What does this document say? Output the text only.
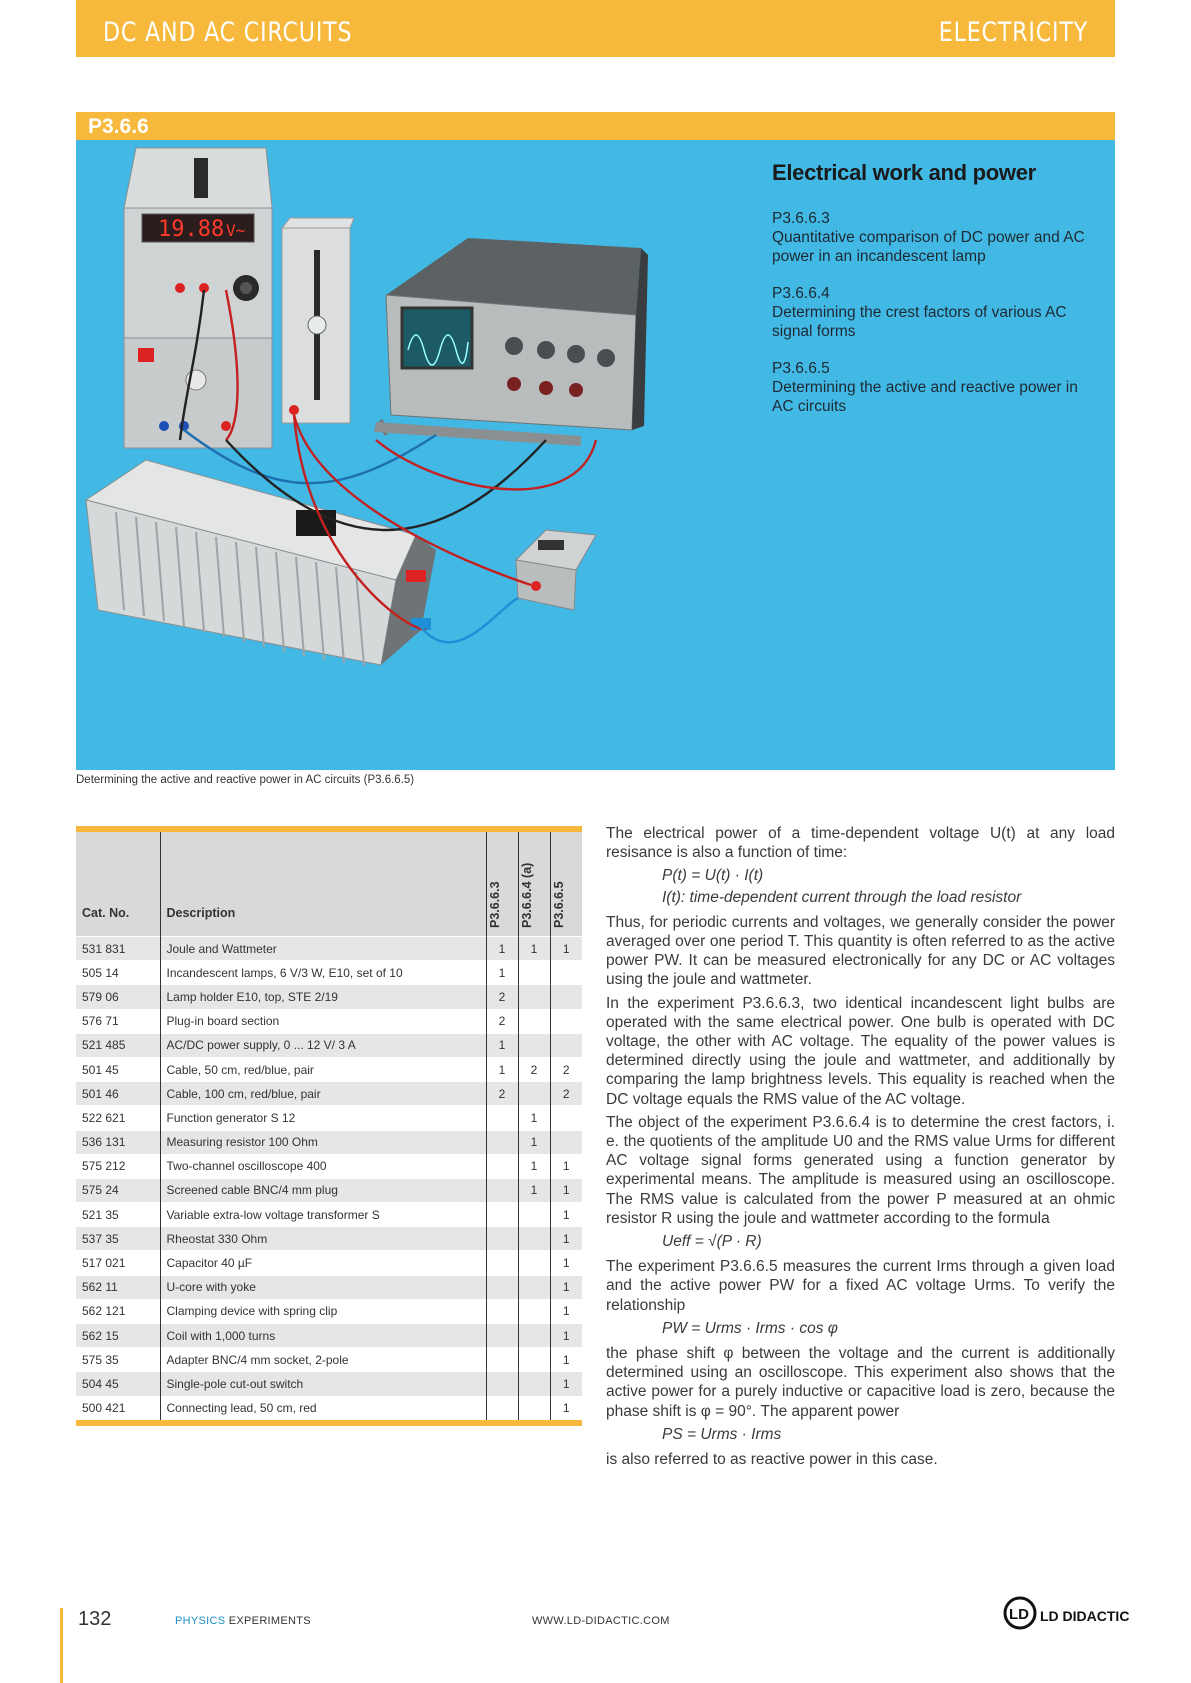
DC AND AC CIRCUITS	ELECTRICITY
P3.6.6
19.88 V~
Electrical work and power
P3.6.6.3
Quantitative comparison of DC power and AC power in an incandescent lamp
P3.6.6.4
Determining the crest factors of various AC signal forms
P3.6.6.5
Determining the active and reactive power in AC circuits
Determining the active and reactive power in AC circuits (P3.6.6.5)
Cat. No.	Description	P3.6.6.3	P3.6.6.4 (a)	P3.6.6.5

531 831	Joule and Wattmeter	1	1	1
505 14	Incandescent lamps, 6 V/3 W, E10, set of 10	1		
579 06	Lamp holder E10, top, STE 2/19	2		
576 71	Plug-in board section	2		
521 485	AC/DC power supply, 0 ... 12 V/ 3 A	1		
501 45	Cable, 50 cm, red/blue, pair	1	2	2
501 46	Cable, 100 cm, red/blue, pair	2		2
522 621	Function generator S 12		1	
536 131	Measuring resistor 100 Ohm		1	
575 212	Two-channel oscilloscope 400		1	1
575 24	Screened cable BNC/4 mm plug		1	1
521 35	Variable extra-low voltage transformer S			1
537 35	Rheostat 330 Ohm			1
517 021	Capacitor 40 µF			1
562 11	U-core with yoke			1
562 121	Clamping device with spring clip			1
562 15	Coil with 1,000 turns			1
575 35	Adapter BNC/4 mm socket, 2-pole			1
504 45	Single-pole cut-out switch			1
500 421	Connecting lead, 50 cm, red			1

The electrical power of a time-dependent voltage U(t) at any load resisance is also a function of time:

P(t) = U(t) · I(t)
I(t): time-dependent current through the load resistor

Thus, for periodic currents and voltages, we generally consider the power averaged over one period T. This quantity is often referred to as the active power PW. It can be measured electronically for any DC or AC voltages using the joule and wattmeter.

In the experiment P3.6.6.3, two identical incandescent light bulbs are operated with the same electrical power. One bulb is operated with DC voltage, the other with AC voltage. The equality of the power values is determined directly using the joule and wattmeter, and additionally by comparing the lamp brightness levels. This equality is reached when the DC voltage equals the RMS value of the AC voltage.

The object of the experiment P3.6.6.4 is to determine the crest factors, i. e. the quotients of the amplitude U0 and the RMS value Urms for different AC voltage signal forms generated using a function generator by experimental means. The amplitude is measured using an oscilloscope. The RMS value is calculated from the power P measured at an ohmic resistor R using the joule and wattmeter according to the formula

Ueff = √(P · R)

The experiment P3.6.6.5 measures the current Irms through a given load and the active power PW for a fixed AC voltage Urms. To verify the relationship

PW = Urms · Irms · cos φ

the phase shift φ between the voltage and the current is additionally determined using an oscilloscope. This experiment also shows that the active power for a purely inductive or capacitive load is zero, because the phase shift is φ = 90°. The apparent power

PS = Urms · Irms

is also referred to as reactive power in this case.

132	PHYSICS EXPERIMENTS	WWW.LD-DIDACTIC.COM	LD LD DIDACTIC
